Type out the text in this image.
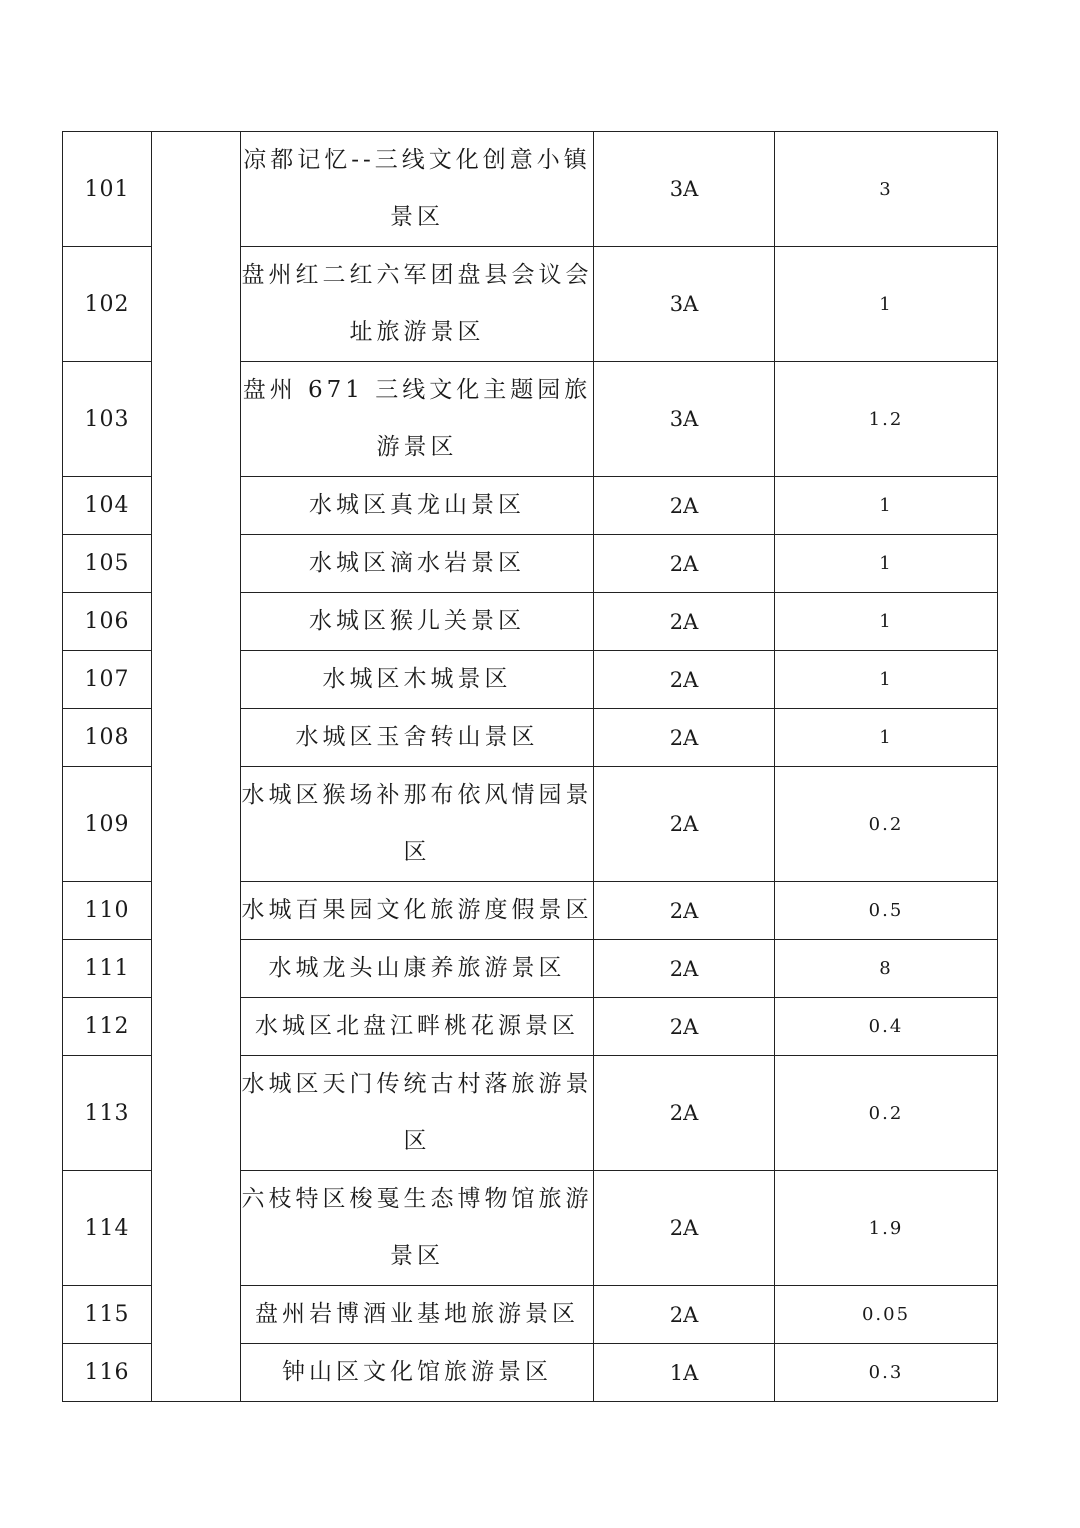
101		凉都记忆--三线文化创意小镇景区	3A	3
102		盘州红二红六军团盘县会议会址旅游景区	3A	1
103		盘州 671 三线文化主题园旅游景区	3A	1.2
104		水城区真龙山景区	2A	1
105		水城区滴水岩景区	2A	1
106		水城区猴儿关景区	2A	1
107		水城区木城景区	2A	1
108		水城区玉舍转山景区	2A	1
109		水城区猴场补那布依风情园景区	2A	0.2
110		水城百果园文化旅游度假景区	2A	0.5
111		水城龙头山康养旅游景区	2A	8
112		水城区北盘江畔桃花源景区	2A	0.4
113		水城区天门传统古村落旅游景区	2A	0.2
114		六枝特区梭戛生态博物馆旅游景区	2A	1.9
115		盘州岩博酒业基地旅游景区	2A	0.05
116		钟山区文化馆旅游景区	1A	0.3
